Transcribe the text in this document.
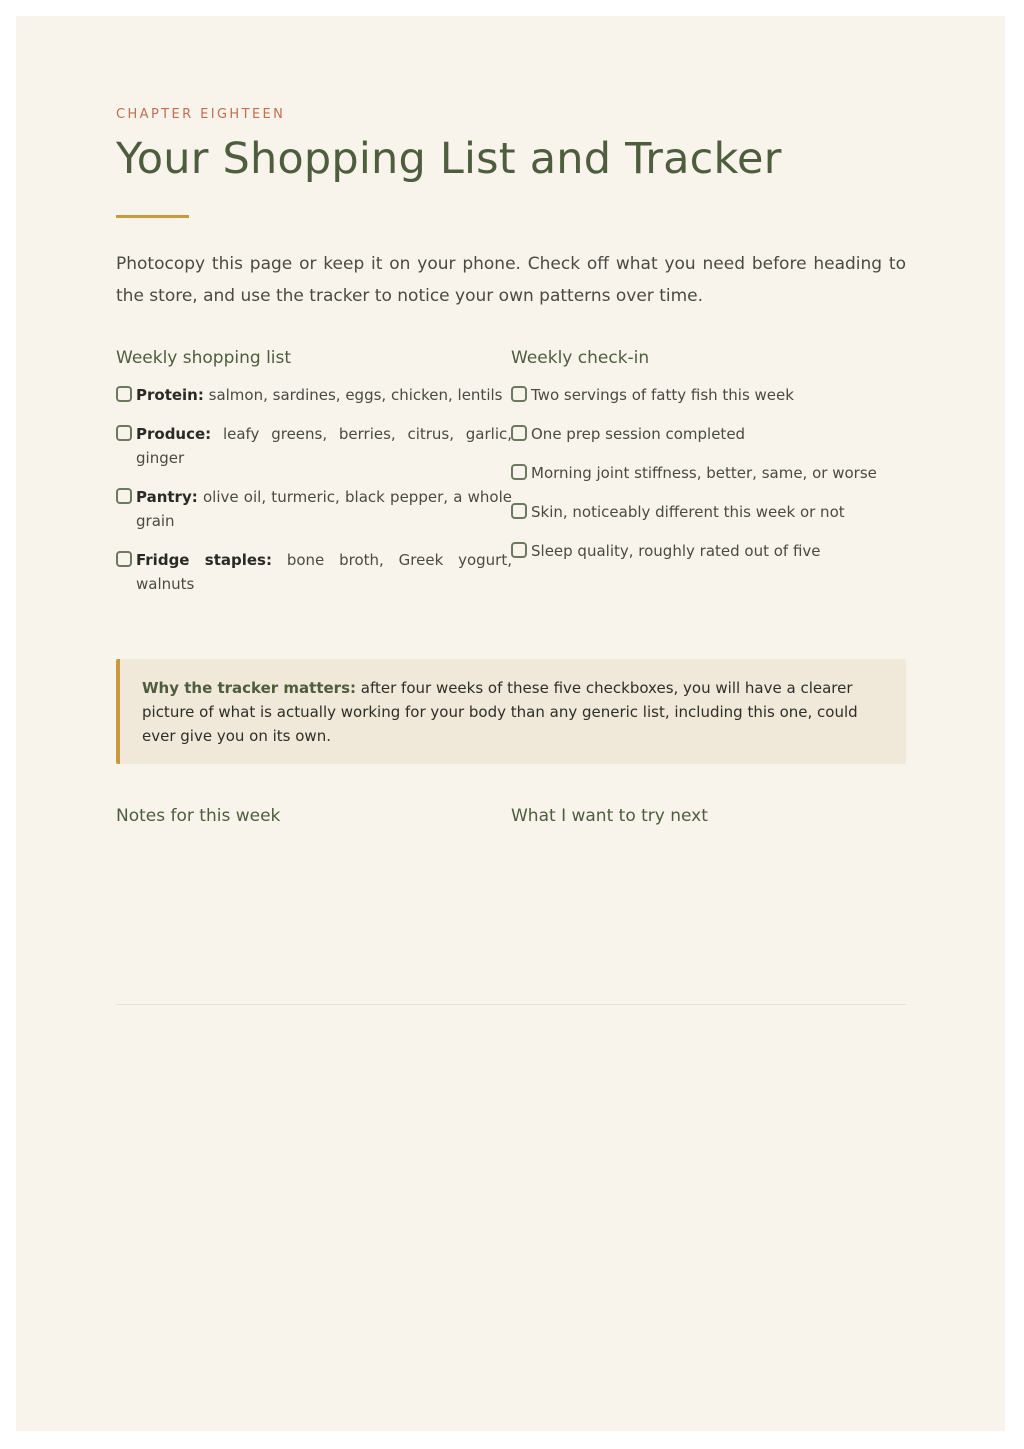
CHAPTER EIGHTEEN
Your Shopping List and Tracker

Photocopy this page or keep it on your phone. Check off what you need before heading to the store, and use the tracker to notice your own patterns over time.

Weekly shopping list
Protein: salmon, sardines, eggs, chicken, lentils
Produce: leafy greens, berries, citrus, garlic, ginger
Pantry: olive oil, turmeric, black pepper, a whole grain
Fridge staples: bone broth, Greek yogurt, walnuts
Weekly check-in
Two servings of fatty fish this week
One prep session completed
Morning joint stiffness, better, same, or worse
Skin, noticeably different this week or not
Sleep quality, roughly rated out of five
Why the tracker matters: after four weeks of these five checkboxes, you will have a clearer picture of what is actually working for your body than any generic list, including this one, could ever give you on its own.
Notes for this week	What I want to try next
